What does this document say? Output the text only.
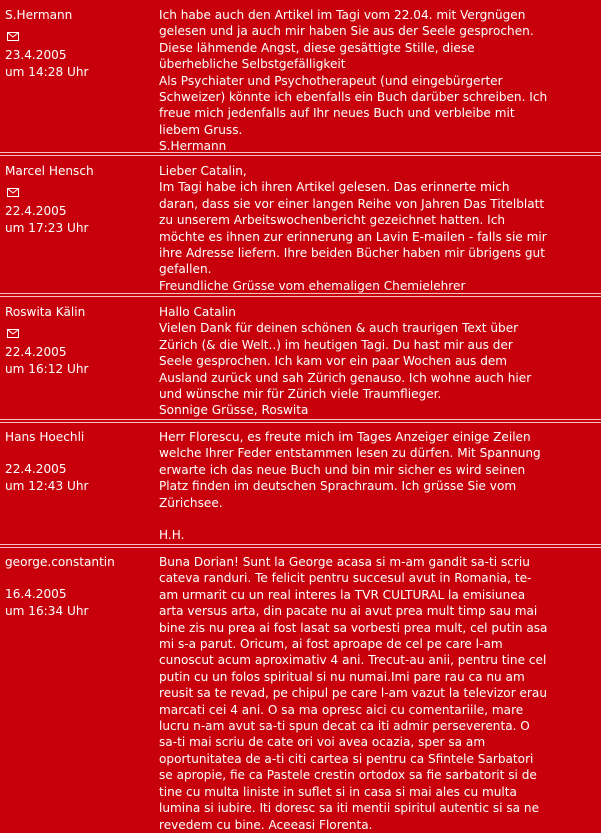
S.Hermann
23.4.2005
um 14:28 Uhr
Ich habe auch den Artikel im Tagi vom 22.04. mit Vergnügen
gelesen und ja auch mir haben Sie aus der Seele gesprochen.
Diese lähmende Angst, diese gesättigte Stille, diese
überhebliche Selbstgefälligkeit
Als Psychiater und Psychotherapeut (und eingebürgerter
Schweizer) könnte ich ebenfalls ein Buch darüber schreiben. Ich
freue mich jedenfalls auf Ihr neues Buch und verbleibe mit
liebem Gruss.
S.Hermann
Marcel Hensch
22.4.2005
um 17:23 Uhr
Lieber Catalin,
Im Tagi habe ich ihren Artikel gelesen. Das erinnerte mich
daran, dass sie vor einer langen Reihe von Jahren Das Titelblatt
zu unserem Arbeitswochenbericht gezeichnet hatten. Ich
möchte es ihnen zur erinnerung an Lavin E-mailen - falls sie mir
ihre Adresse liefern. Ihre beiden Bücher haben mir übrigens gut
gefallen.
Freundliche Grüsse vom ehemaligen Chemielehrer
Roswita Kälin
22.4.2005
um 16:12 Uhr
Hallo Catalin
Vielen Dank für deinen schönen & auch traurigen Text über
Zürich (& die Welt..) im heutigen Tagi. Du hast mir aus der
Seele gesprochen. Ich kam vor ein paar Wochen aus dem
Ausland zurück und sah Zürich genauso. Ich wohne auch hier
und wünsche mir für Zürich viele Traumflieger.
Sonnige Grüsse, Roswita
Hans Hoechli
22.4.2005
um 12:43 Uhr
Herr Florescu, es freute mich im Tages Anzeiger einige Zeilen
welche Ihrer Feder entstammen lesen zu dürfen. Mit Spannung
erwarte ich das neue Buch und bin mir sicher es wird seinen
Platz finden im deutschen Sprachraum. Ich grüsse Sie vom
Zürichsee.
H.H.
george.constantin
16.4.2005
um 16:34 Uhr
Buna Dorian! Sunt la George acasa si m-am gandit sa-ti scriu
cateva randuri. Te felicit pentru succesul avut in Romania, te-
am urmarit cu un real interes la TVR CULTURAL la emisiunea
arta versus arta, din pacate nu ai avut prea mult timp sau mai
bine zis nu prea ai fost lasat sa vorbesti prea mult, cel putin asa
mi s-a parut. Oricum, ai fost aproape de cel pe care l-am
cunoscut acum aproximativ 4 ani. Trecut-au anii, pentru tine cel
putin cu un folos spiritual si nu numai.Imi pare rau ca nu am
reusit sa te revad, pe chipul pe care l-am vazut la televizor erau
marcati cei 4 ani. O sa ma opresc aici cu comentariile, mare
lucru n-am avut sa-ti spun decat ca iti admir perseverenta. O
sa-ti mai scriu de cate ori voi avea ocazia, sper sa am
oportunitatea de a-ti citi cartea si pentru ca Sfintele Sarbatori
se apropie, fie ca Pastele crestin ortodox sa fie sarbatorit si de
tine cu multa liniste in suflet si in casa si mai ales cu multa
lumina si iubire. Iti doresc sa iti mentii spiritul autentic si sa ne
revedem cu bine. Aceeasi Florenta.
